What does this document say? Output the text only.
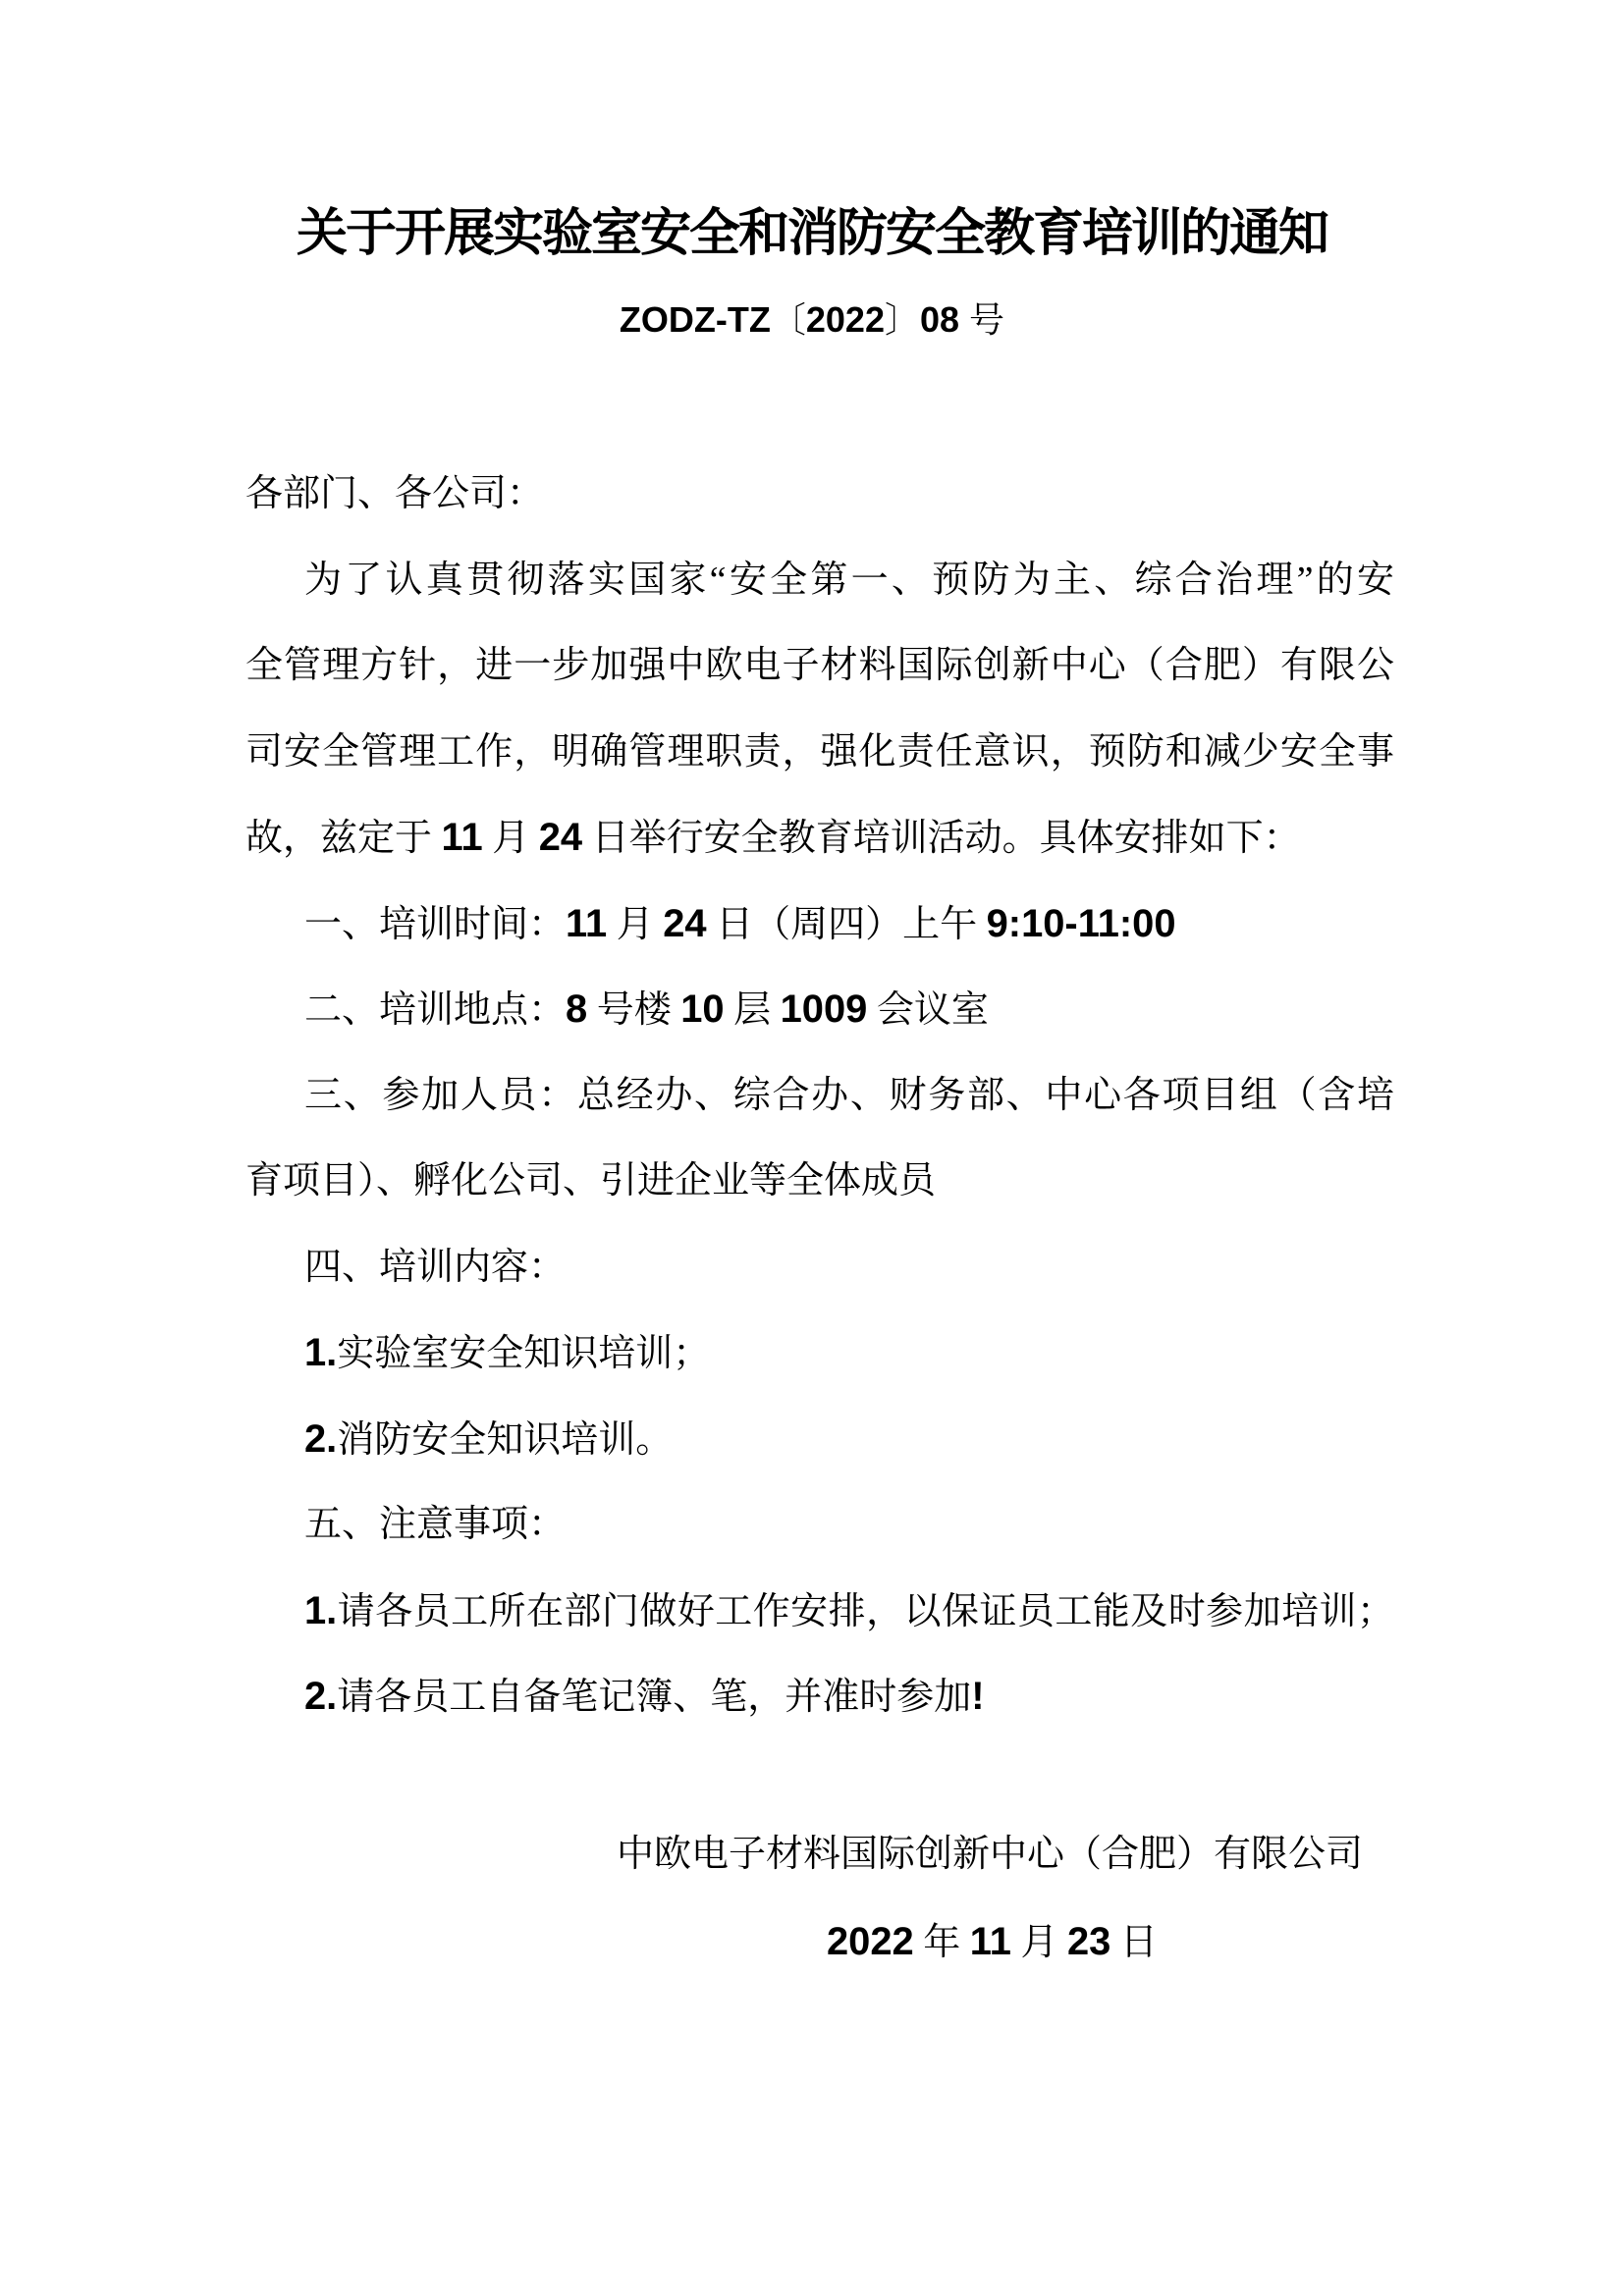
关于开展实验室安全和消防安全教育培训的通知
ZODZ-TZ〔2022〕08 号
各部门、各公司：
为了认真贯彻落实国家“安全第一、预防为主、综合治理”的安
全管理方针，进一步加强中欧电子材料国际创新中心（合肥）有限公
司安全管理工作，明确管理职责，强化责任意识，预防和减少安全事
故，兹定于 11 月 24 日举行安全教育培训活动。具体安排如下：
一、培训时间：11 月 24 日（周四）上午 9:10-11:00
二、培训地点：8 号楼 10 层 1009 会议室
三、参加人员：总经办、综合办、财务部、中心各项目组（含培
育项目）、孵化公司、引进企业等全体成员
四、培训内容：
1.实验室安全知识培训；
2.消防安全知识培训。
五、注意事项：
1.请各员工所在部门做好工作安排，以保证员工能及时参加培训；
2.请各员工自备笔记簿、笔，并准时参加!
中欧电子材料国际创新中心（合肥）有限公司
2022 年 11 月 23 日
